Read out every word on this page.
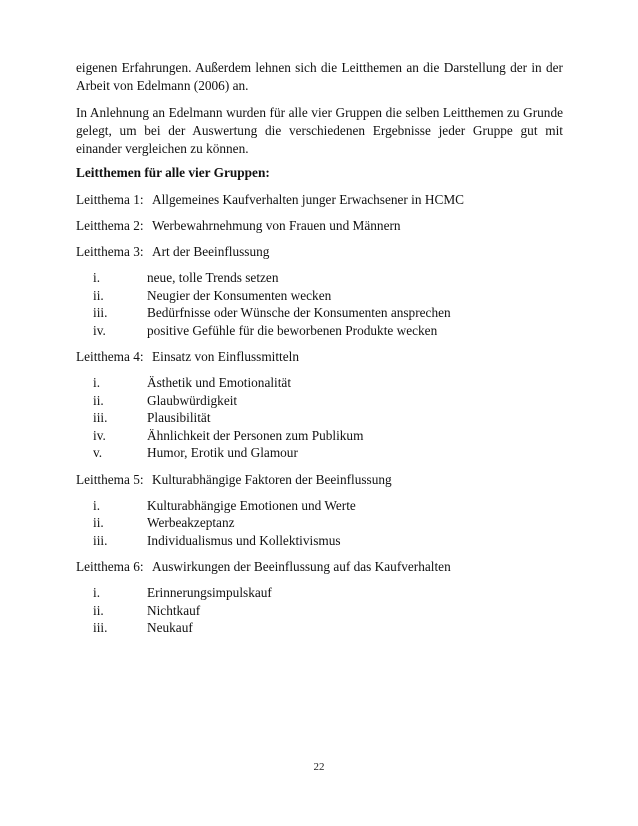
eigenen Erfahrungen. Außerdem lehnen sich die Leitthemen an die Darstellung der in der Arbeit von Edelmann (2006) an.

In Anlehnung an Edelmann wurden für alle vier Gruppen die selben Leitthemen zu Grunde gelegt, um bei der Auswertung die verschiedenen Ergebnisse jeder Gruppe gut mit einander vergleichen zu können.

Leitthemen für alle vier Gruppen:

Leitthema 1: Allgemeines Kaufverhalten junger Erwachsener in HCMC

Leitthema 2: Werbewahrnehmung von Frauen und Männern

Leitthema 3: Art der Beeinflussung

i.	neue, tolle Trends setzen
ii.	Neugier der Konsumenten wecken
iii.	Bedürfnisse oder Wünsche der Konsumenten ansprechen
iv.	positive Gefühle für die beworbenen Produkte wecken

Leitthema 4: Einsatz von Einflussmitteln

i.	Ästhetik und Emotionalität
ii.	Glaubwürdigkeit
iii.	Plausibilität
iv.	Ähnlichkeit der Personen zum Publikum
v.	Humor, Erotik und Glamour

Leitthema 5: Kulturabhängige Faktoren der Beeinflussung

i.	Kulturabhängige Emotionen und Werte
ii.	Werbeakzeptanz
iii.	Individualismus und Kollektivismus

Leitthema 6: Auswirkungen der Beeinflussung auf das Kaufverhalten

i.	Erinnerungsimpulskauf
ii.	Nichtkauf
iii.	Neukauf
22
